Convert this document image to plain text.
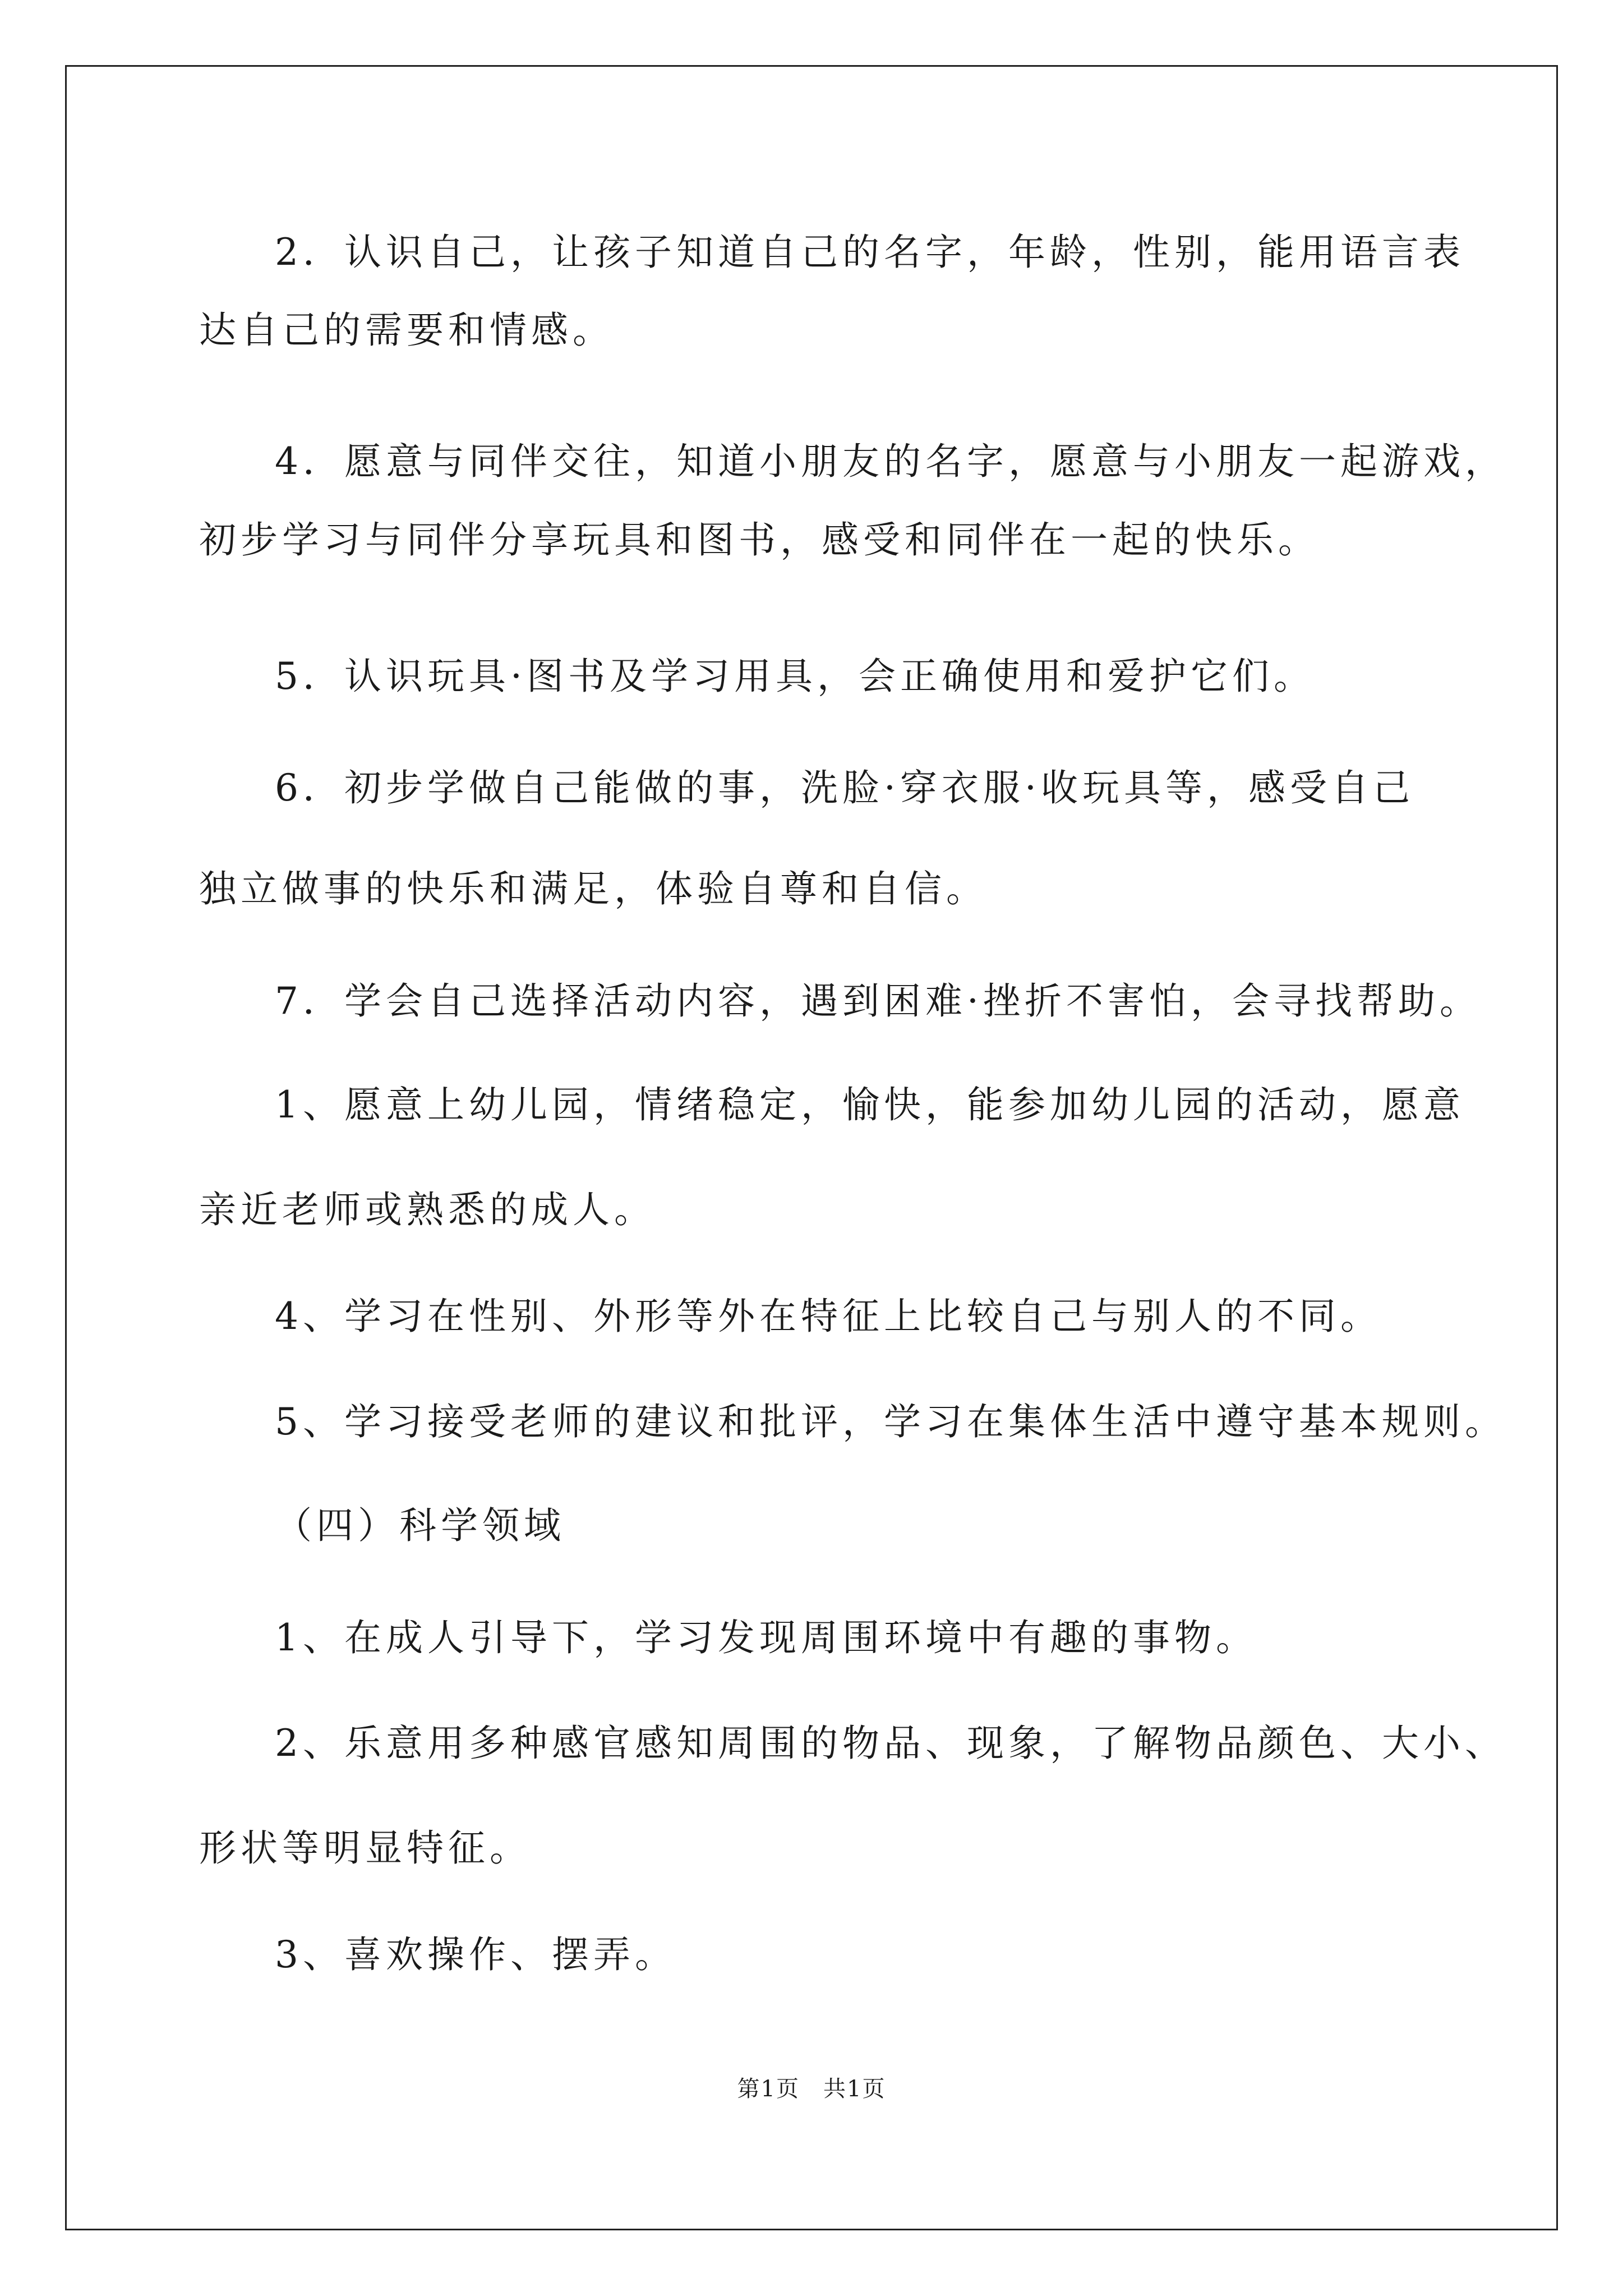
2．认识自己，让孩子知道自己的名字，年龄，性别，能用语言表
达自己的需要和情感。
4．愿意与同伴交往，知道小朋友的名字，愿意与小朋友一起游戏，
初步学习与同伴分享玩具和图书，感受和同伴在一起的快乐。
5．认识玩具·图书及学习用具，会正确使用和爱护它们。
6．初步学做自己能做的事，洗脸·穿衣服·收玩具等，感受自己
独立做事的快乐和满足，体验自尊和自信。
7．学会自己选择活动内容，遇到困难·挫折不害怕，会寻找帮助。
1、愿意上幼儿园，情绪稳定，愉快，能参加幼儿园的活动，愿意
亲近老师或熟悉的成人。
4、学习在性别、外形等外在特征上比较自己与别人的不同。
5、学习接受老师的建议和批评，学习在集体生活中遵守基本规则。
（四）科学领域
1、在成人引导下，学习发现周围环境中有趣的事物。
2、乐意用多种感官感知周围的物品、现象，了解物品颜色、大小、
形状等明显特征。
3、喜欢操作、摆弄。
第1页　共1页
